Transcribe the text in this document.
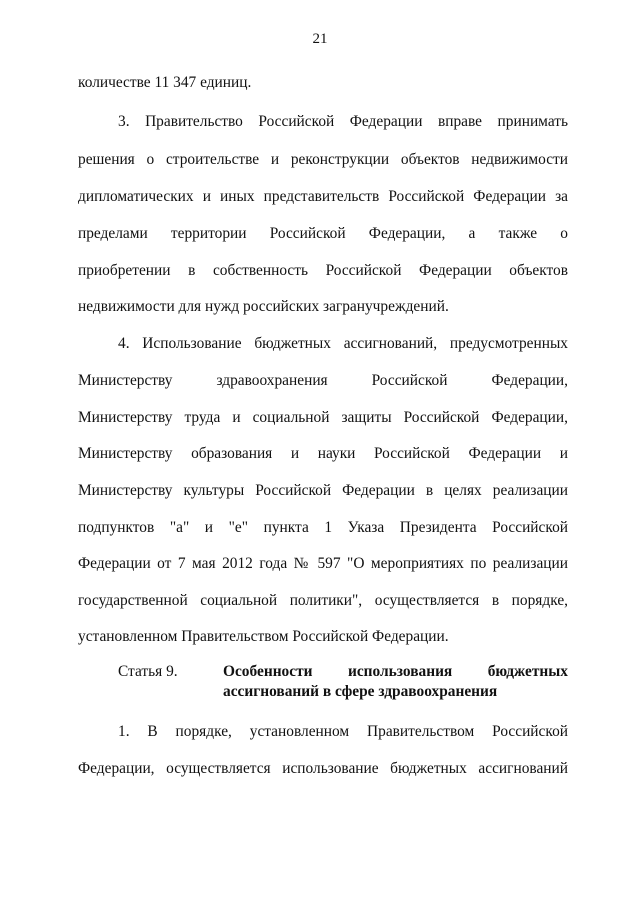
21
количестве 11 347 единиц.
3. Правительство Российской Федерации вправе принимать
решения о строительстве и реконструкции объектов недвижимости
дипломатических и иных представительств Российской Федерации за
пределами территории Российской Федерации, а также о
приобретении в собственность Российской Федерации объектов
недвижимости для нужд российских загранучреждений.
4. Использование бюджетных ассигнований, предусмотренных
Министерству здравоохранения Российской Федерации,
Министерству труда и социальной защиты Российской Федерации,
Министерству образования и науки Российской Федерации и
Министерству культуры Российской Федерации в целях реализации
подпунктов "а" и "е" пункта 1 Указа Президента Российской
Федерации от 7 мая 2012 года № 597 "О мероприятиях по реализации
государственной социальной политики", осуществляется в порядке,
установленном Правительством Российской Федерации.
Статья 9.	Особенности использования бюджетных
ассигнований в сфере здравоохранения
1. В порядке, установленном Правительством Российской
Федерации, осуществляется использование бюджетных ассигнований
